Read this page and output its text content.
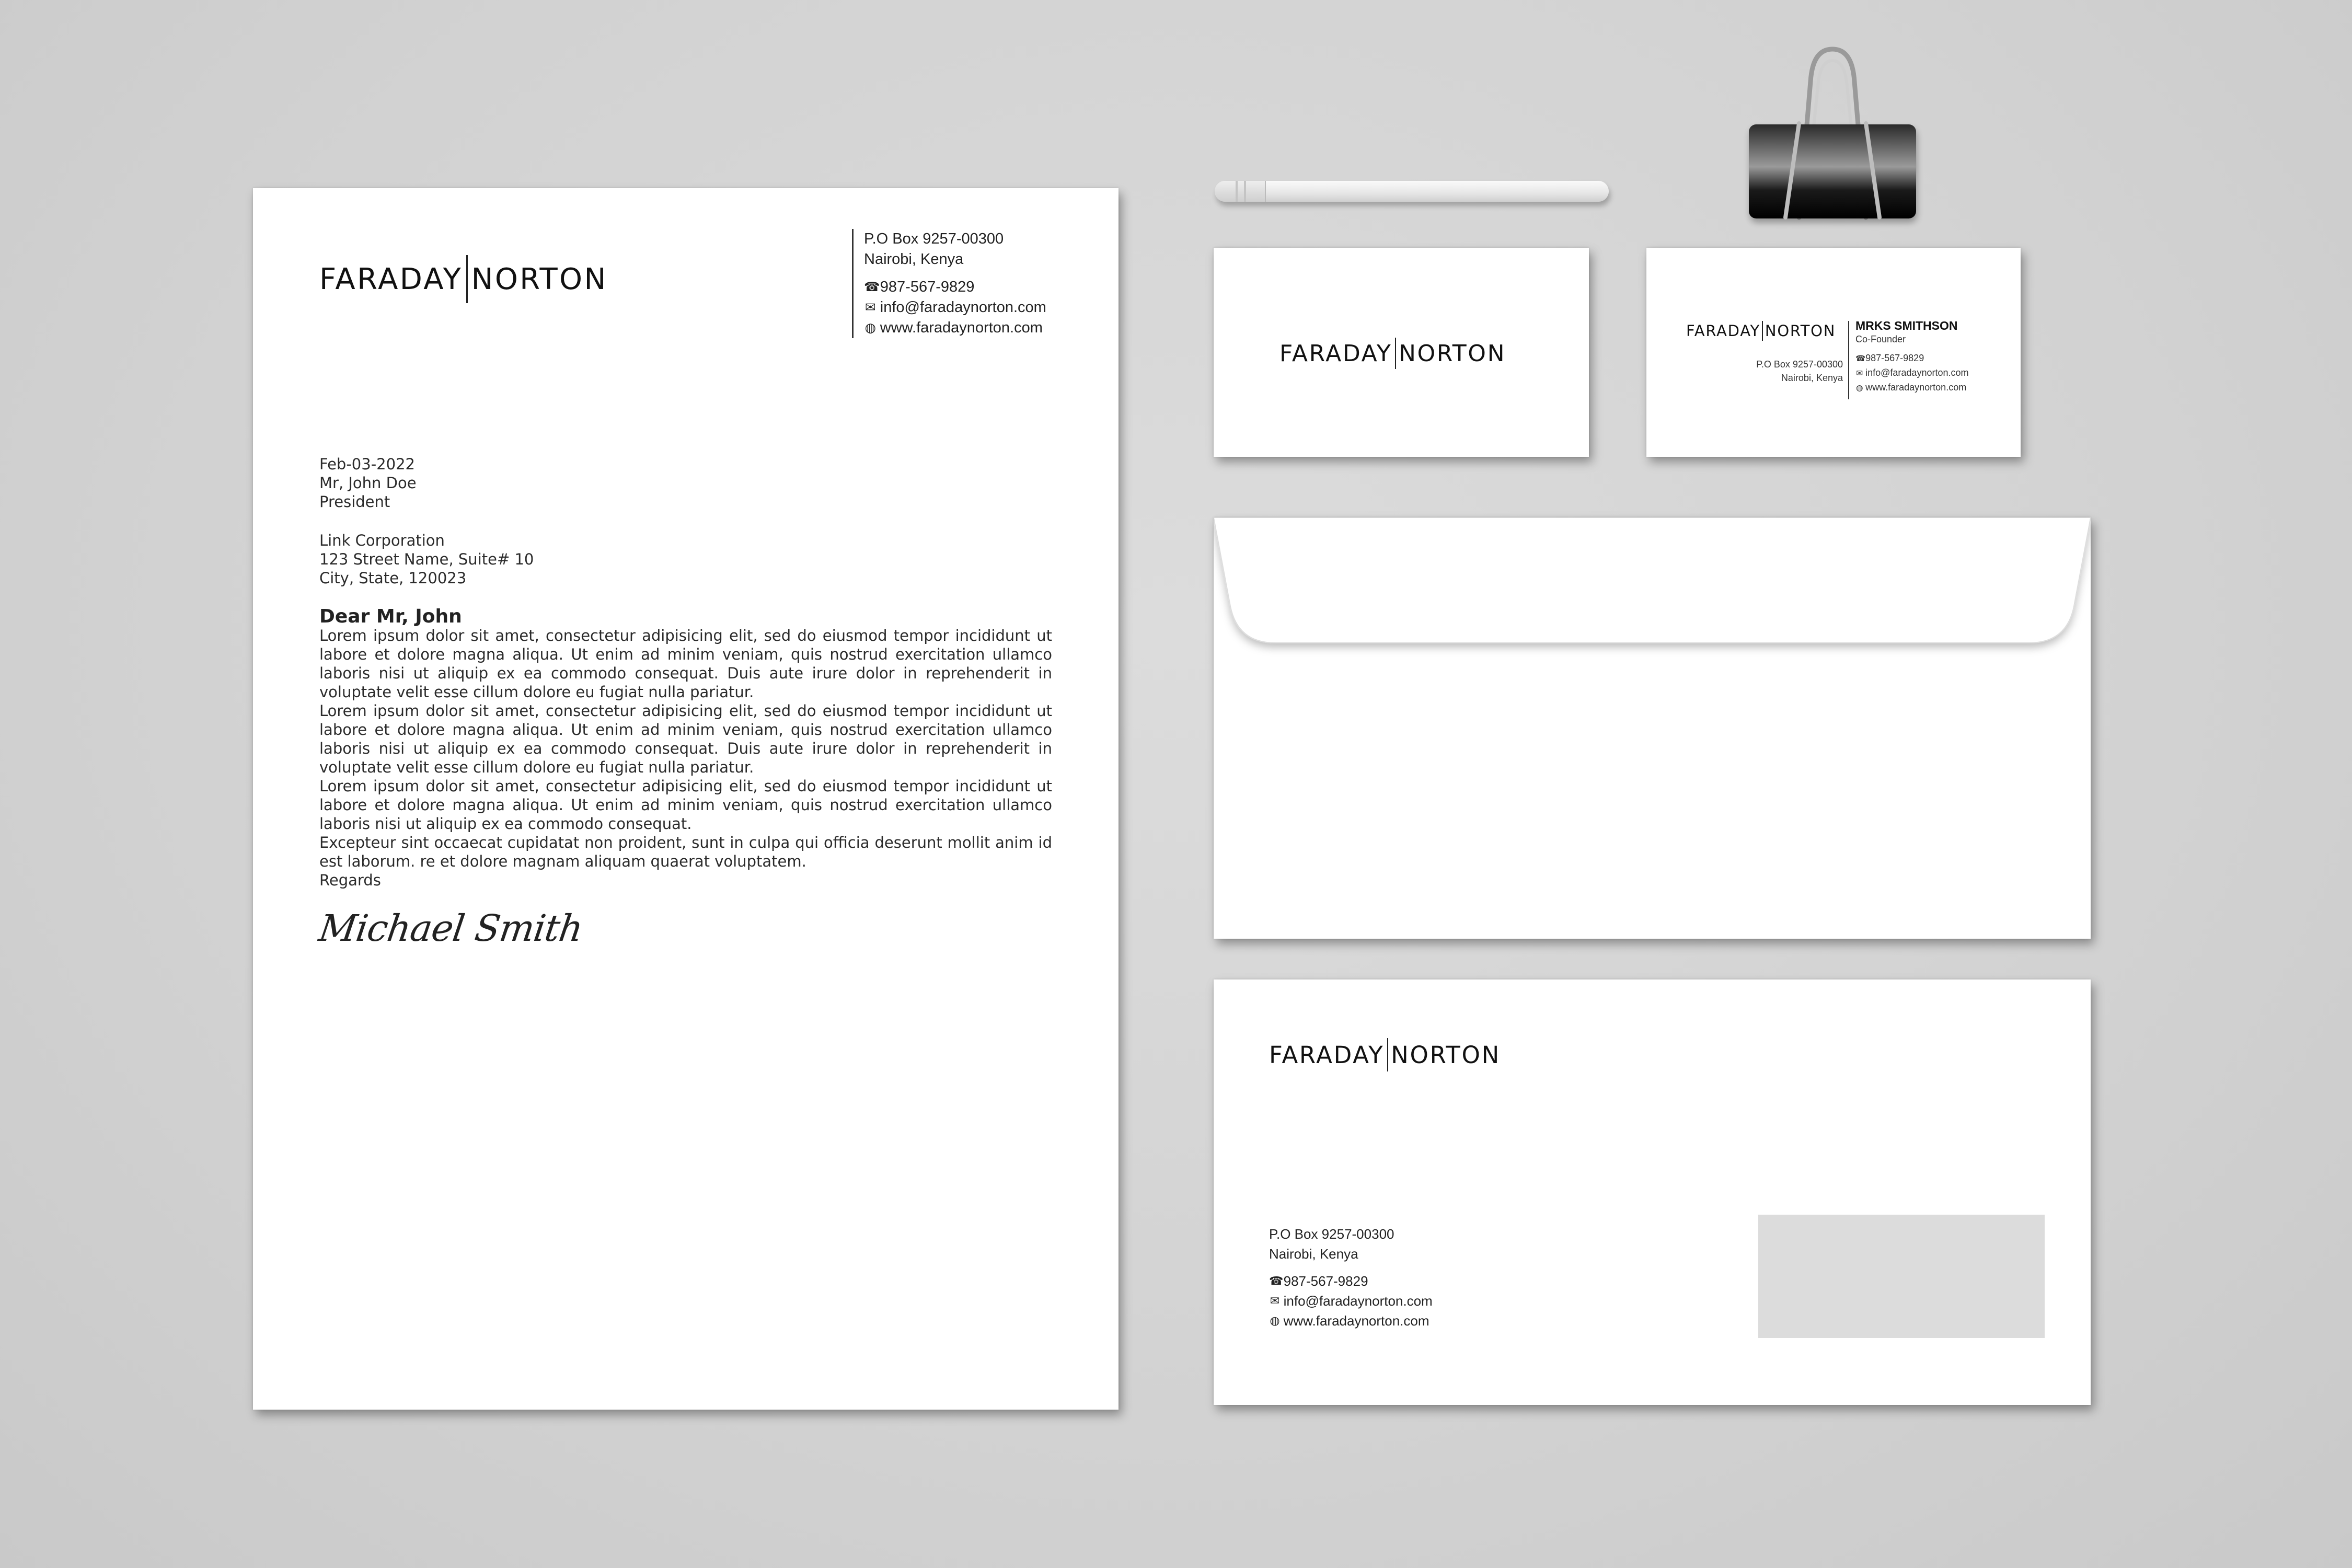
FARADAY NORTON
P.O Box 9257-00300
Nairobi, Kenya
☎ 987-567-9829
✉ info@faradaynorton.com
◍ www.faradaynorton.com

Feb-03-2022

Mr, John Doe

President

Link Corporation

123 Street Name, Suite# 10

City, State, 120023

Dear Mr, John

Lorem ipsum dolor sit amet, consectetur adipisicing elit, sed do eiusmod tempor incididunt ut labore et dolore magna aliqua. Ut enim ad minim veniam, quis nostrud exercitation ullamco laboris nisi ut aliquip ex ea commodo consequat. Duis aute irure dolor in reprehenderit in voluptate velit esse cillum dolore eu fugiat nulla pariatur.

Lorem ipsum dolor sit amet, consectetur adipisicing elit, sed do eiusmod tempor incididunt ut labore et dolore magna aliqua. Ut enim ad minim veniam, quis nostrud exercitation ullamco laboris nisi ut aliquip ex ea commodo consequat. Duis aute irure dolor in reprehenderit in voluptate velit esse cillum dolore eu fugiat nulla pariatur.

Lorem ipsum dolor sit amet, consectetur adipisicing elit, sed do eiusmod tempor incididunt ut labore et dolore magna aliqua. Ut enim ad minim veniam, quis nostrud exercitation ullamco laboris nisi ut aliquip ex ea commodo consequat.

Excepteur sint occaecat cupidatat non proident, sunt in culpa qui officia deserunt mollit anim id est laborum. re et dolore magnam aliquam quaerat voluptatem.

Regards

Michael Smith
FARADAY NORTON
FARADAY NORTON
P.O Box 9257-00300
Nairobi, Kenya
MRKS SMITHSON
Co-Founder
☎987-567-9829
✉ info@faradaynorton.com
◍ www.faradaynorton.com
FARADAY NORTON
P.O Box 9257-00300
Nairobi, Kenya
☎ 987-567-9829
✉ info@faradaynorton.com
◍ www.faradaynorton.com
